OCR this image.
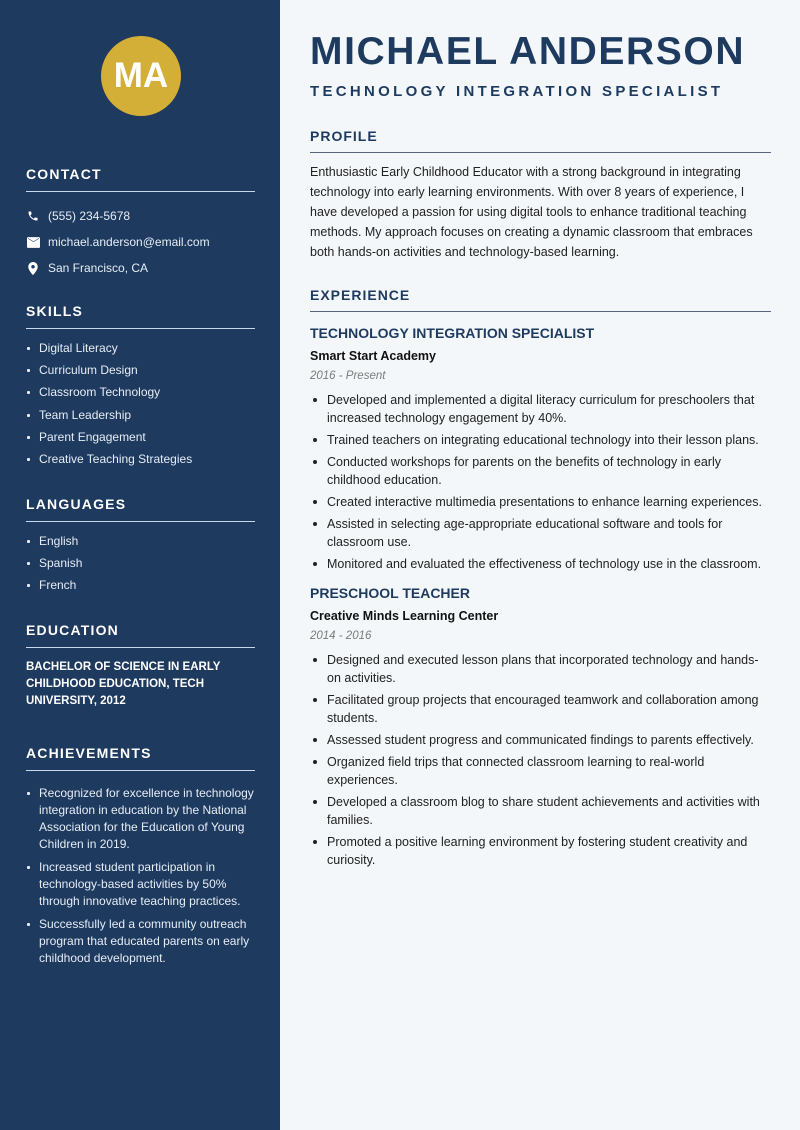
MA
CONTACT
(555) 234-5678
michael.anderson@email.com
San Francisco, CA
SKILLS
Digital Literacy
Curriculum Design
Classroom Technology
Team Leadership
Parent Engagement
Creative Teaching Strategies
LANGUAGES
English
Spanish
French
EDUCATION

BACHELOR OF SCIENCE IN EARLY CHILDHOOD EDUCATION, TECH UNIVERSITY, 2012

ACHIEVEMENTS
Recognized for excellence in technology integration in education by the National Association for the Education of Young Children in 2019.
Increased student participation in technology-based activities by 50% through innovative teaching practices.
Successfully led a community outreach program that educated parents on early childhood development.
MICHAEL ANDERSON
TECHNOLOGY INTEGRATION SPECIALIST
PROFILE

Enthusiastic Early Childhood Educator with a strong background in integrating technology into early learning environments. With over 8 years of experience, I have developed a passion for using digital tools to enhance traditional teaching methods. My approach focuses on creating a dynamic classroom that embraces both hands-on activities and technology-based learning.

EXPERIENCE
TECHNOLOGY INTEGRATION SPECIALIST
Smart Start Academy
2016 - Present
Developed and implemented a digital literacy curriculum for preschoolers that increased technology engagement by 40%.
Trained teachers on integrating educational technology into their lesson plans.
Conducted workshops for parents on the benefits of technology in early childhood education.
Created interactive multimedia presentations to enhance learning experiences.
Assisted in selecting age-appropriate educational software and tools for classroom use.
Monitored and evaluated the effectiveness of technology use in the classroom.
PRESCHOOL TEACHER
Creative Minds Learning Center
2014 - 2016
Designed and executed lesson plans that incorporated technology and hands-on activities.
Facilitated group projects that encouraged teamwork and collaboration among students.
Assessed student progress and communicated findings to parents effectively.
Organized field trips that connected classroom learning to real-world experiences.
Developed a classroom blog to share student achievements and activities with families.
Promoted a positive learning environment by fostering student creativity and curiosity.
